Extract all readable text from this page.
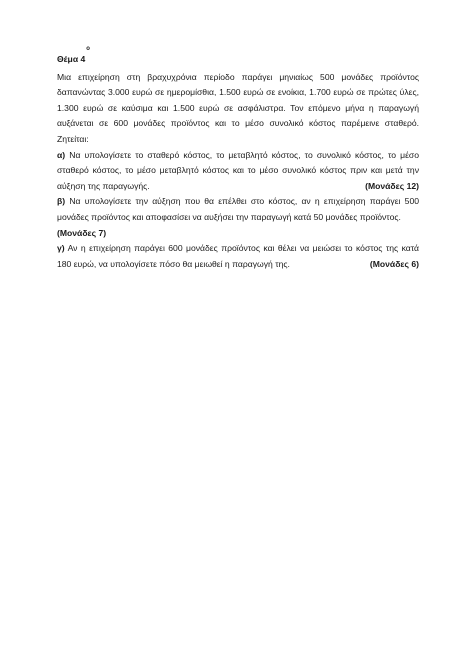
Θέμα 4
$^o$
Μια επιχείρηση στη βραχυχρόνια περίοδο παράγει μηνιαίως 500 μονάδες προϊόντος
δαπανώντας 3.000 ευρώ σε ημερομίσθια, 1.500 ευρώ σε ενοίκια, 1.700 ευρώ σε πρώτες ύλες,
1.300 ευρώ σε καύσιμα και 1.500 ευρώ σε ασφάλιστρα. Τον επόμενο μήνα η παραγωγή
αυξάνεται σε 600 μονάδες προϊόντος και το μέσο συνολικό κόστος παρέμεινε σταθερό.
Ζητείται:
α) Να υπολογίσετε το σταθερό κόστος, το μεταβλητό κόστος, το συνολικό κόστος, το μέσο
σταθερό κόστος, το μέσο μεταβλητό κόστος και το μέσο συνολικό κόστος πριν και μετά την
αύξηση της παραγωγής.	(Μονάδες 12)
β) Να υπολογίσετε την αύξηση που θα επέλθει στο κόστος, αν η επιχείρηση παράγει 500
μονάδες προϊόντος και αποφασίσει να αυξήσει την παραγωγή κατά 50 μονάδες προϊόντος.
(Μονάδες 7)
γ) Αν η επιχείρηση παράγει 600 μονάδες προϊόντος και θέλει να μειώσει το κόστος της κατά
180 ευρώ, να υπολογίσετε πόσο θα μειωθεί η παραγωγή της.	(Μονάδες 6)
